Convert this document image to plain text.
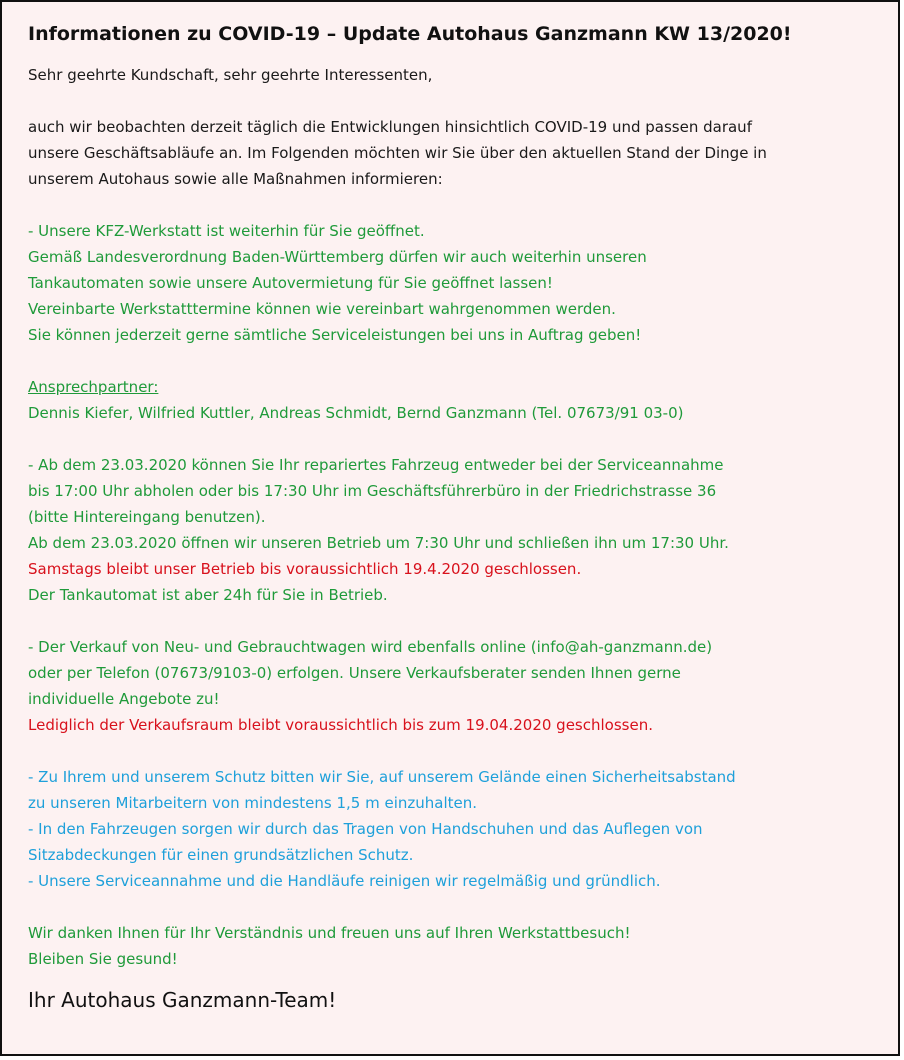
Informationen zu COVID-19 – Update Autohaus Ganzmann KW 13/2020!
Sehr geehrte Kundschaft, sehr geehrte Interessenten,
auch wir beobachten derzeit täglich die Entwicklungen hinsichtlich COVID-19 und passen darauf
unsere Geschäftsabläufe an. Im Folgenden möchten wir Sie über den aktuellen Stand der Dinge in
unserem Autohaus sowie alle Maßnahmen informieren:
- Unsere KFZ-Werkstatt ist weiterhin für Sie geöffnet.
Gemäß Landesverordnung Baden-Württemberg dürfen wir auch weiterhin unseren
Tankautomaten sowie unsere Autovermietung für Sie geöffnet lassen!
Vereinbarte Werkstatttermine können wie vereinbart wahrgenommen werden.
Sie können jederzeit gerne sämtliche Serviceleistungen bei uns in Auftrag geben!
Ansprechpartner:
Dennis Kiefer, Wilfried Kuttler, Andreas Schmidt, Bernd Ganzmann (Tel. 07673/91 03-0)
- Ab dem 23.03.2020 können Sie Ihr repariertes Fahrzeug entweder bei der Serviceannahme
bis 17:00 Uhr abholen oder bis 17:30 Uhr im Geschäftsführerbüro in der Friedrichstrasse 36
(bitte Hintereingang benutzen).
Ab dem 23.03.2020 öffnen wir unseren Betrieb um 7:30 Uhr und schließen ihn um 17:30 Uhr.
Samstags bleibt unser Betrieb bis voraussichtlich 19.4.2020 geschlossen.
Der Tankautomat ist aber 24h für Sie in Betrieb.
- Der Verkauf von Neu- und Gebrauchtwagen wird ebenfalls online (info@ah-ganzmann.de)
oder per Telefon (07673/9103-0) erfolgen. Unsere Verkaufsberater senden Ihnen gerne
individuelle Angebote zu!
Lediglich der Verkaufsraum bleibt voraussichtlich bis zum 19.04.2020 geschlossen.
- Zu Ihrem und unserem Schutz bitten wir Sie, auf unserem Gelände einen Sicherheitsabstand
zu unseren Mitarbeitern von mindestens 1,5 m einzuhalten.
- In den Fahrzeugen sorgen wir durch das Tragen von Handschuhen und das Auflegen von
Sitzabdeckungen für einen grundsätzlichen Schutz.
- Unsere Serviceannahme und die Handläufe reinigen wir regelmäßig und gründlich.
Wir danken Ihnen für Ihr Verständnis und freuen uns auf Ihren Werkstattbesuch!
Bleiben Sie gesund!
Ihr Autohaus Ganzmann-Team!
